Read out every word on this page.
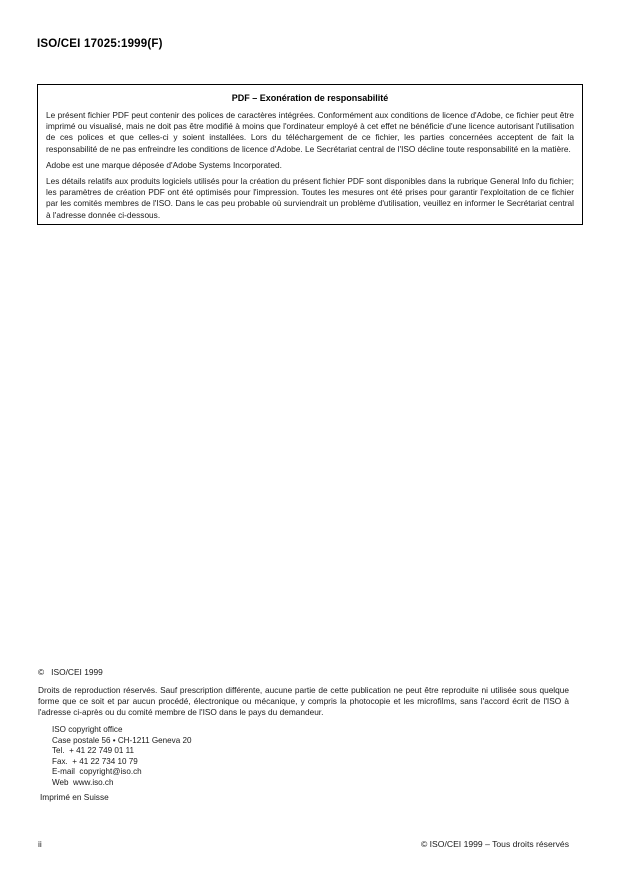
ISO/CEI 17025:1999(F)
PDF – Exonération de responsabilité

Le présent fichier PDF peut contenir des polices de caractères intégrées. Conformément aux conditions de licence d'Adobe, ce fichier peut être imprimé ou visualisé, mais ne doit pas être modifié à moins que l'ordinateur employé à cet effet ne bénéficie d'une licence autorisant l'utilisation de ces polices et que celles-ci y soient installées. Lors du téléchargement de ce fichier, les parties concernées acceptent de fait la responsabilité de ne pas enfreindre les conditions de licence d'Adobe. Le Secrétariat central de l'ISO décline toute responsabilité en la matière.

Adobe est une marque déposée d'Adobe Systems Incorporated.

Les détails relatifs aux produits logiciels utilisés pour la création du présent fichier PDF sont disponibles dans la rubrique General Info du fichier; les paramètres de création PDF ont été optimisés pour l'impression. Toutes les mesures ont été prises pour garantir l'exploitation de ce fichier par les comités membres de l'ISO. Dans le cas peu probable où surviendrait un problème d'utilisation, veuillez en informer le Secrétariat central à l'adresse donnée ci-dessous.

©   ISO/CEI 1999

Droits de reproduction réservés. Sauf prescription différente, aucune partie de cette publication ne peut être reproduite ni utilisée sous quelque forme que ce soit et par aucun procédé, électronique ou mécanique, y compris la photocopie et les microfilms, sans l'accord écrit de l'ISO à l'adresse ci-après ou du comité membre de l'ISO dans le pays du demandeur.

ISO copyright office
Case postale 56 • CH-1211 Geneva 20
Tel.  + 41 22 749 01 11
Fax.  + 41 22 734 10 79
E-mail  copyright@iso.ch
Web  www.iso.ch
Imprimé en Suisse
ii	© ISO/CEI 1999 – Tous droits réservés
